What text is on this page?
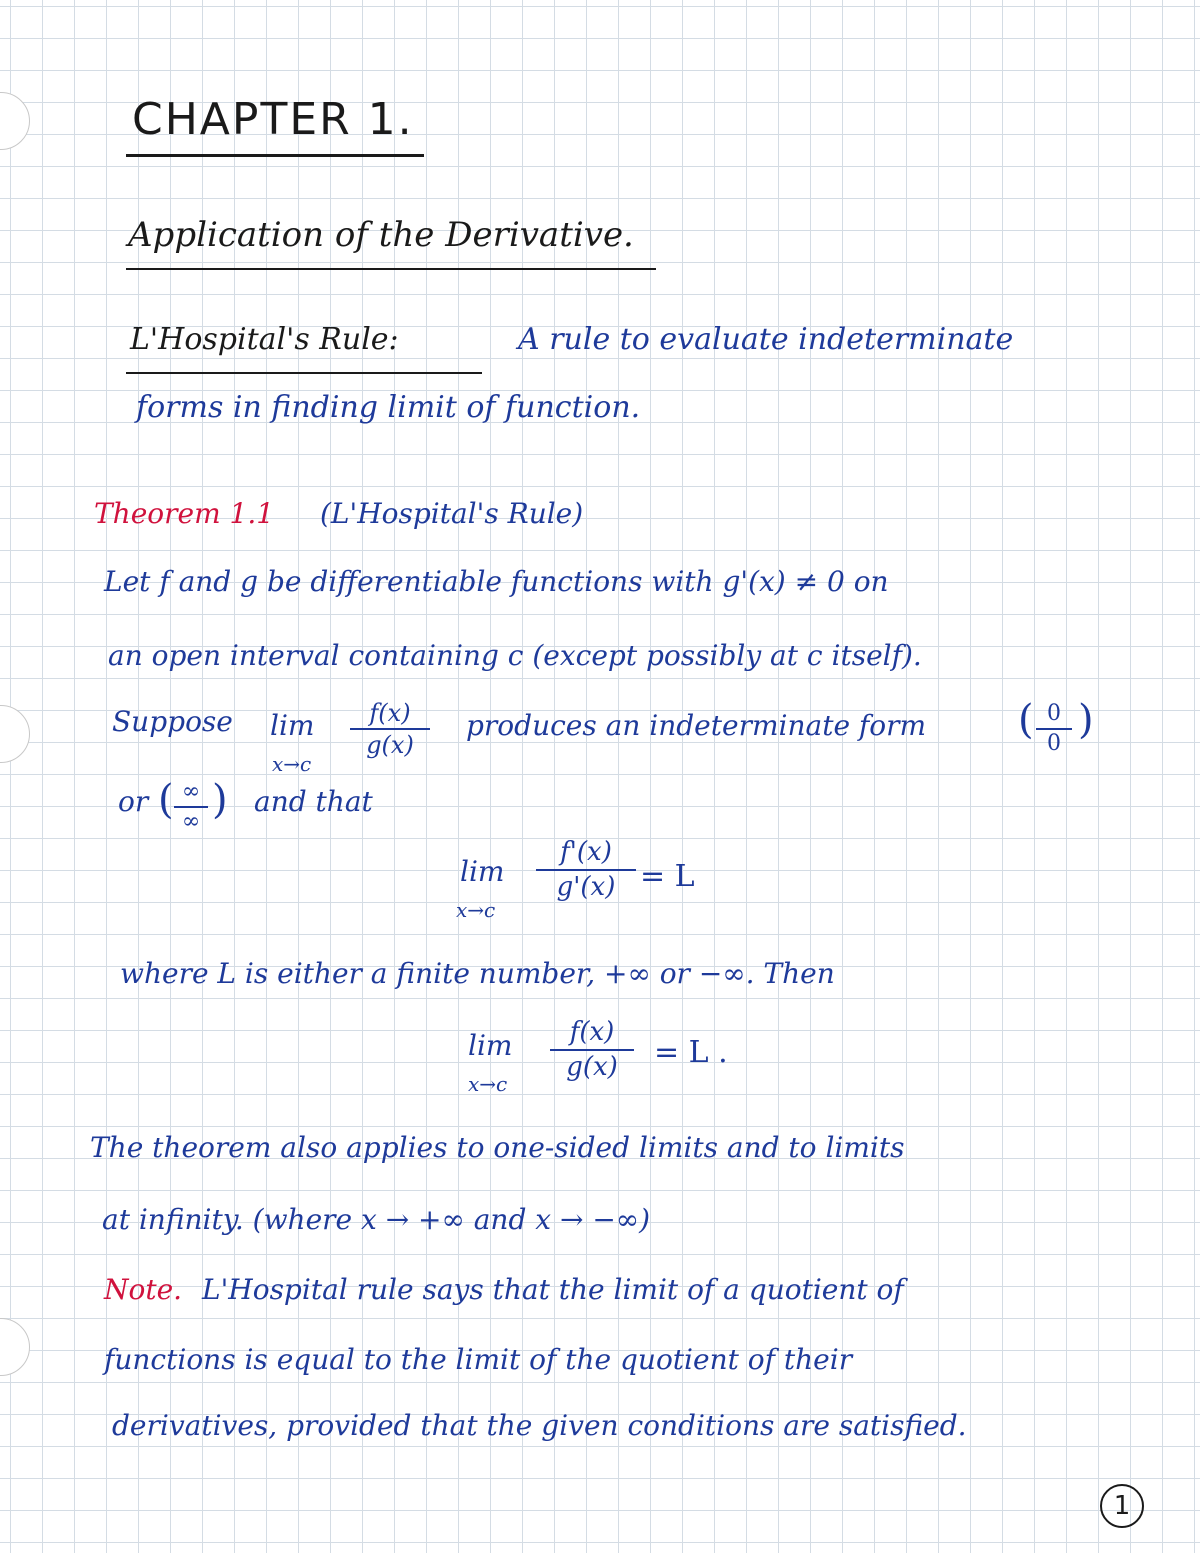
CHAPTER 1.
Application of the Derivative.
L'Hospital's Rule:	A rule to evaluate indeterminate
forms in finding limit of function.
Theorem 1.1 (L'Hospital's Rule)
Let f and g be differentiable functions with g'(x) ≠ 0 on
an open interval containing c (except possibly at c itself).
Suppose lim
x→c
f(x)
g(x)
produces an indeterminate form ( 0
0
)
or ( ∞
∞ ) and that
lim
x→c
f'(x)
g'(x) = L
where L is either a finite number, +∞ or −∞. Then
lim
x→c
f(x)
g(x)	= L .
The theorem also applies to one-sided limits and to limits
at infinity. (where x → +∞ and x → −∞)
Note. L'Hospital rule says that the limit of a quotient of
functions is equal to the limit of the quotient of their
derivatives, provided that the given conditions are satisfied.
1
